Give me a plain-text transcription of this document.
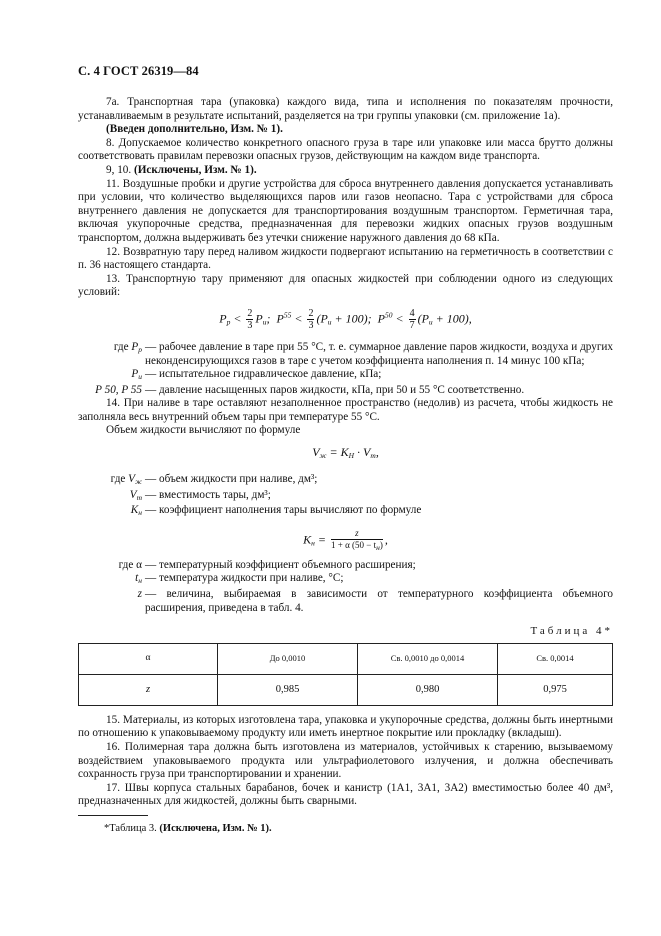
С. 4 ГОСТ 26319—84

7а. Транспортная тара (упаковка) каждого вида, типа и исполнения по показателям прочности, устанавливаемым в результате испытаний, разделяется на три группы упаковки (см. приложение 1а).

(Введен дополнительно, Изм. № 1).

8. Допускаемое количество конкретного опасного груза в таре или упаковке или масса брутто должны соответствовать правилам перевозки опасных грузов, действующим на каждом виде транспорта.

9, 10. (Исключены, Изм. № 1).

11. Воздушные пробки и другие устройства для сброса внутреннего давления допускается устанавливать при условии, что количество выделяющихся паров или газов неопасно. Тара с устройствами для сброса внутреннего давления не допускается для транспортирования воздушным транспортом. Герметичная тара, включая укупорочные средства, предназначенная для перевозки жидких опасных грузов воздушным транспортом, должна выдерживать без утечки снижение наружного давления до 68 кПа.

12. Возвратную тару перед наливом жидкости подвергают испытанию на герметичность в соответствии с п. 36 настоящего стандарта.

13. Транспортную тару применяют для опасных жидкостей при соблюдении одного из следующих условий:

$P_р < \frac{2}{3} P_и$; $P^{55} < \frac{2}{3} (P_и + 100)$; $P^{50} < \frac{4}{7} (P_и + 100)$,
где $P_р$ — рабочее давление в таре при 55 °С, т. е. суммарное давление паров жидкости, воздуха и других неконденсирующихся газов в таре с учетом коэффициента наполнения п. 14 минус 100 кПа;
$P_и$ — испытательное гидравлическое давление, кПа;
P 50, P 55 — давление насыщенных паров жидкости, кПа, при 50 и 55 °С соответственно.

14. При наливе в таре оставляют незаполненное пространство (недолив) из расчета, чтобы жидкость не заполняла весь внутренний объем тары при температуре 55 °С.

Объем жидкости вычисляют по формуле

$V_ж = K_Н \cdot V_т$,
где $V_ж$ — объем жидкости при наливе, дм³;
$V_т$ — вместимость тары, дм³;
$K_н$ — коэффициент наполнения тары вычисляют по формуле
$K_н = \frac{z}{1 + \alpha (50 - t_н)}$ ,
где α — температурный коэффициент объемного расширения;
$t_н$ — температура жидкости при наливе, °С;
z — величина, выбираемая в зависимости от температурного коэффициента объемного расширения, приведена в табл. 4.
Таблица 4*
α	До 0,0010	Св. 0,0010 до 0,0014	Св. 0,0014
z	0,985	0,980	0,975

15. Материалы, из которых изготовлена тара, упаковка и укупорочные средства, должны быть инертными по отношению к упаковываемому продукту или иметь инертное покрытие или прокладку (вкладыш).

16. Полимерная тара должна быть изготовлена из материалов, устойчивых к старению, вызываемому воздействием упаковываемого продукта или ультрафиолетового излучения, и должна обеспечивать сохранность груза при транспортировании и хранении.

17. Швы корпуса стальных барабанов, бочек и канистр (1А1, 3А1, 3А2) вместимостью более 40 дм³, предназначенных для жидкостей, должны быть сварными.

*Таблица 3. (Исключена, Изм. № 1).
